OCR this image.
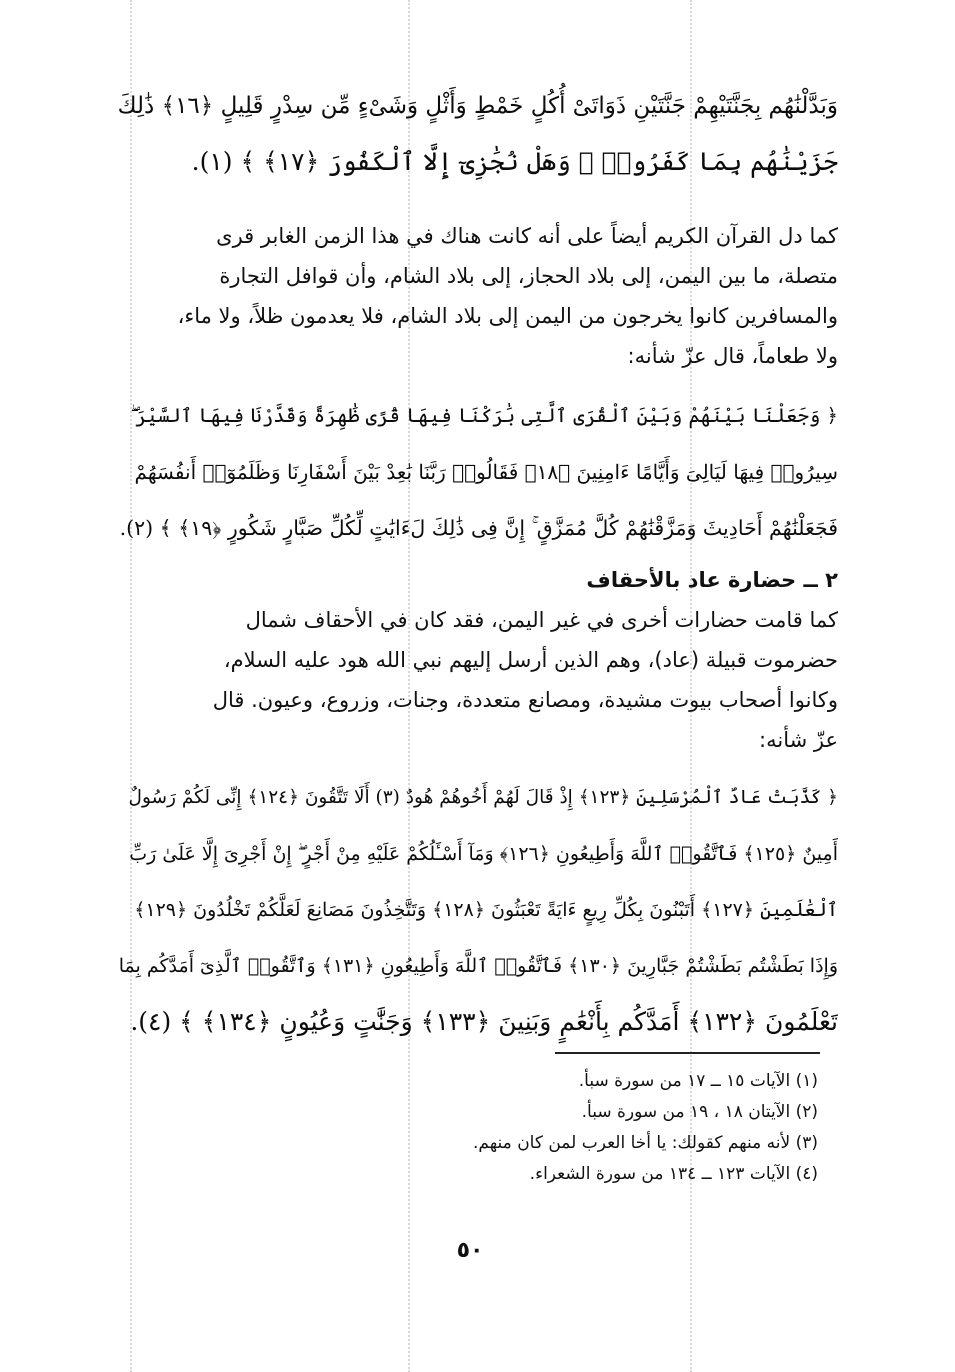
وَبَدَّلْنَٰهُم بِجَنَّتَيْهِمْ جَنَّتَيْنِ ذَوَاتَىْ أُكُلٍ خَمْطٍ وَأَثْلٍ وَشَىْءٍ مِّن سِدْرٍ قَلِيلٍ ﴿١٦﴾ ذَٰلِكَ
جَزَيْنَٰهُم بِمَا كَفَرُوا۟ ۖ وَهَلْ نُجَٰزِىٓ إِلَّا ٱلْكَفُورَ ﴿١٧﴾ ﴾ (١).
كما دل القرآن الكريم أيضاً على أنه كانت هناك في هذا الزمن الغابر قرى
متصلة، ما بين اليمن، إلى بلاد الحجاز، إلى بلاد الشام، وأن قوافل التجارة
والمسافرين كانوا يخرجون من اليمن إلى بلاد الشام، فلا يعدمون ظلاً، ولا ماء،
ولا طعاماً، قال عزّ شأنه:
﴿ وَجَعَلْنَا بَيْنَهُمْ وَبَيْنَ ٱلْقُرَى ٱلَّتِى بَٰرَكْنَا فِيهَا قُرًى ظَٰهِرَةً وَقَدَّرْنَا فِيهَا ٱلسَّيْرَ ۖ
سِيرُوا۟ فِيهَا لَيَالِىَ وَأَيَّامًا ءَامِنِينَ ﴿١٨﴾ فَقَالُوا۟ رَبَّنَا بَٰعِدْ بَيْنَ أَسْفَارِنَا وَظَلَمُوٓا۟ أَنفُسَهُمْ
فَجَعَلْنَٰهُمْ أَحَادِيثَ وَمَزَّقْنَٰهُمْ كُلَّ مُمَزَّقٍ ۚ إِنَّ فِى ذَٰلِكَ لَءَايَٰتٍ لِّكُلِّ صَبَّارٍ شَكُورٍ ﴿١٩﴾ ﴾ (٢).
٢ ــ حضارة عاد بالأحقاف
كما قامت حضارات أخرى في غير اليمن، فقد كان في الأحقاف شمال
حضرموت قبيلة (عاد)، وهم الذين أرسل إليهم نبي الله هود عليه السلام،
وكانوا أصحاب بيوت مشيدة، ومصانع متعددة، وجنات، وزروع، وعيون. قال
عزّ شأنه:
﴿ كَذَّبَتْ عَادٌ ٱلْمُرْسَلِينَ ﴿١٢٣﴾ إِذْ قَالَ لَهُمْ أَخُوهُمْ هُودٌ (٣) أَلَا تَتَّقُونَ ﴿١٢٤﴾ إِنِّى لَكُمْ رَسُولٌ
أَمِينٌ ﴿١٢٥﴾ فَٱتَّقُوا۟ ٱللَّهَ وَأَطِيعُونِ ﴿١٢٦﴾ وَمَآ أَسْـَٔلُكُمْ عَلَيْهِ مِنْ أَجْرٍ ۖ إِنْ أَجْرِىَ إِلَّا عَلَىٰ رَبِّ
ٱلْعَٰلَمِينَ ﴿١٢٧﴾ أَتَبْنُونَ بِكُلِّ رِيعٍ ءَايَةً تَعْبَثُونَ ﴿١٢٨﴾ وَتَتَّخِذُونَ مَصَانِعَ لَعَلَّكُمْ تَخْلُدُونَ ﴿١٢٩﴾
وَإِذَا بَطَشْتُم بَطَشْتُمْ جَبَّارِينَ ﴿١٣٠﴾ فَٱتَّقُوا۟ ٱللَّهَ وَأَطِيعُونِ ﴿١٣١﴾ وَٱتَّقُوا۟ ٱلَّذِىٓ أَمَدَّكُم بِمَا
تَعْلَمُونَ ﴿١٣٢﴾ أَمَدَّكُم بِأَنْعَٰمٍ وَبَنِينَ ﴿١٣٣﴾ وَجَنَّٰتٍ وَعُيُونٍ ﴿١٣٤﴾ ﴾ (٤).
(١) الآيات ١٥ ــ ١٧ من سورة سبأ.
(٢) الآيتان ١٨ ، ١٩ من سورة سبأ.
(٣) لأنه منهم كقولك: يا أخا العرب لمن كان منهم.
(٤) الآيات ١٢٣ ــ ١٣٤ من سورة الشعراء.
٥٠
